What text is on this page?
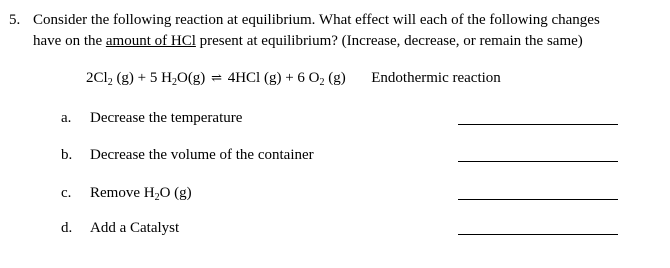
5. Consider the following reaction at equilibrium. What effect will each of the following changes
have on the amount of HCl present at equilibrium? (Increase, decrease, or remain the same)
$2Cl_2$ (g) + 5 $H_2O(g)$ ⇌ 4HCl (g) + 6 $O_2$ (g) Endothermic reaction
a. Decrease the temperature
b. Decrease the volume of the container
c. Remove $H_2O$ (g)
d. Add a Catalyst
